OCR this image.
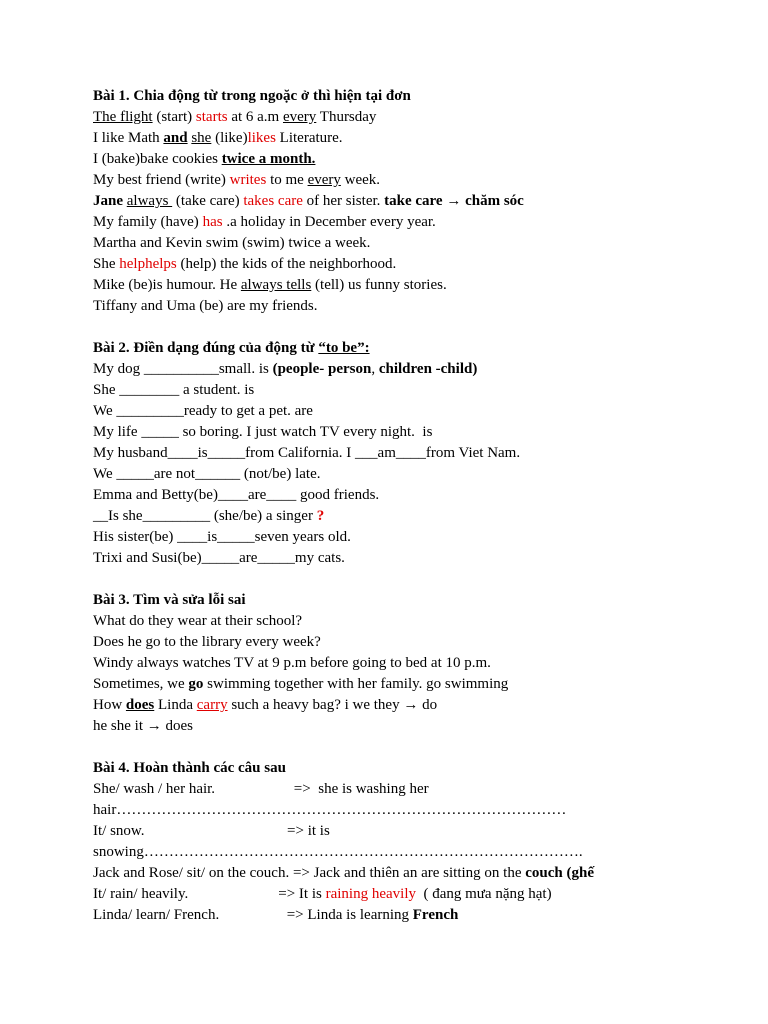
Bài 1. Chia động từ trong ngoặc ở thì hiện tại đơn
The flight (start) starts at 6 a.m every Thursday
I like Math and she (like)likes Literature.
I (bake)bake cookies twice a month.
My best friend (write) writes to me every week.
Jane always  (take care) takes care of her sister. take care → chăm sóc
My family (have) has .a holiday in December every year.
Martha and Kevin swim (swim) twice a week.
She helphelps (help) the kids of the neighborhood.
Mike (be)is humour. He always tells (tell) us funny stories.
Tiffany and Uma (be) are my friends.
Bài 2. Điền dạng đúng của động từ “to be”:
My dog __________small. is (people- person, children -child)
She ________ a student. is
We _________ready to get a pet. are
My life _____ so boring. I just watch TV every night.  is
My husband____is_____from California. I ___am____from Viet Nam.
We _____are not______ (not/be) late.
Emma and Betty(be)____are____ good friends.
__Is she_________ (she/be) a singer ?
His sister(be) ____is_____seven years old.
Trixi and Susi(be)_____are_____my cats.
Bài 3. Tìm và sửa lỗi sai
What do they wear at their school?
Does he go to the library every week?
Windy always watches TV at 9 p.m before going to bed at 10 p.m.
Sometimes, we go swimming together with her family. go swimming
How does Linda carry such a heavy bag? i we they → do
he she it → does
Bài 4. Hoàn thành các câu sau
She/ wash / her hair.                     =>  she is washing her
hair………………………………………………………………………………
It/ snow.                                      => it is
snowing…………………………………………………………………………….
Jack and Rose/ sit/ on the couch. => Jack and thiên an are sitting on the couch (ghế
It/ rain/ heavily.                        => It is raining heavily  ( đang mưa nặng hạt)
Linda/ learn/ French.                  => Linda is learning French
